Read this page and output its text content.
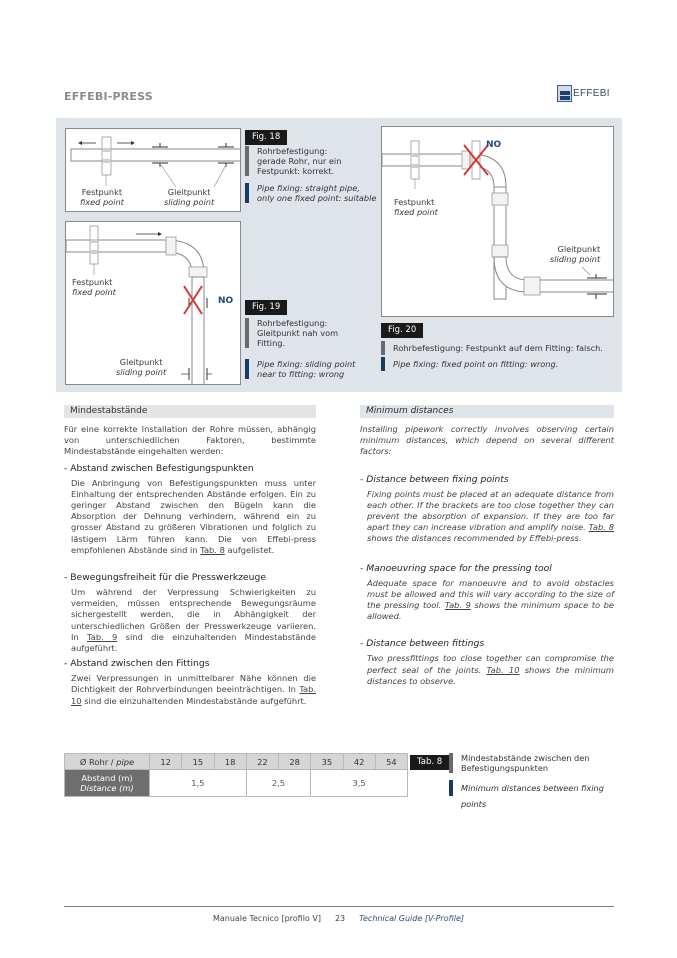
EFFEBI-PRESS	EFFEBI
Festpunkt
fixed point
Gleitpunkt
sliding point
Fig. 18
Rohrbefestigung:
gerade Rohr, nur ein
Festpunkt: korrekt.
Pipe fixing: straight pipe,
only one fixed point: suitable
NO
Festpunkt
fixed point
Gleitpunkt
sliding point
Fig. 19
Rohrbefestigung:
Gleitpunkt nah vom
Fitting.
Pipe fixing: sliding point
near to fitting: wrong
NO
Festpunkt
fixed point
Gleitpunkt
sliding point
Fig. 20
Rohrbefestigung: Festpunkt auf dem Fitting: falsch.
Pipe fixing: fixed point on fitting: wrong.
Mindestabstände	Minimum distances
Für eine korrekte Installation der Rohre müssen, abhängig von unterschiedlichen Faktoren, bestimmte Mindestabstände eingehalten werden:
- Abstand zwischen Befestigungspunkten
Die Anbringung von Befestigungspunkten muss unter Einhaltung der entsprechenden Abstände erfolgen. Ein zu geringer Abstand zwischen den Bügeln kann die Absorption der Dehnung verhindern, während ein zu grosser Abstand zu größeren Vibrationen und folglich zu lästigem Lärm führen kann. Die von Effebi-press empfohlenen Abstände sind in Tab. 8 aufgelistet.
- Bewegungsfreiheit für die Presswerkzeuge
Um während der Verpressung Schwierigkeiten zu vermeiden, müssen entsprechende Bewegungsräume sichergestellt werden, die in Abhängigkeit der unterschiedlichen Größen der Presswerkzeuge variieren. In Tab. 9 sind die einzuhaltenden Mindestabstände aufgeführt.
- Abstand zwischen den Fittings
Zwei Verpressungen in unmittelbarer Nähe können die Dichtigkeit der Rohrverbindungen beeinträchtigen. In Tab. 10 sind die einzuhaltenden Mindestabstände aufgeführt.
Installing pipework correctly involves observing certain minimum distances, which depend on several different factors:
- Distance between fixing points
Fixing points must be placed at an adequate distance from each other. If the brackets are too close together they can prevent the absorption of expansion. If they are too far apart they can increase vibration and amplify noise. Tab. 8 shows the distances recommended by Effebi-press.
- Manoeuvring space for the pressing tool
Adequate space for manoeuvre and to avoid obstacles must be allowed and this will vary according to the size of the pressing tool. Tab. 9 shows the minimum space to be allowed.
- Distance between fittings
Two pressfittings too close together can compromise the perfect seal of the joints. Tab. 10 shows the minimum distances to observe.
Ø Rohr / pipe	12	15	18	22	28	35	42	54

Abstand (m)
Distance (m)	1,5			2,5		3,5		
Tab. 8	Mindestabstände zwischen den
Befestigungspunkten
Minimum distances between fixing points
Manuale Tecnico [profilo V] 23 Technical Guide [V-Profile]
